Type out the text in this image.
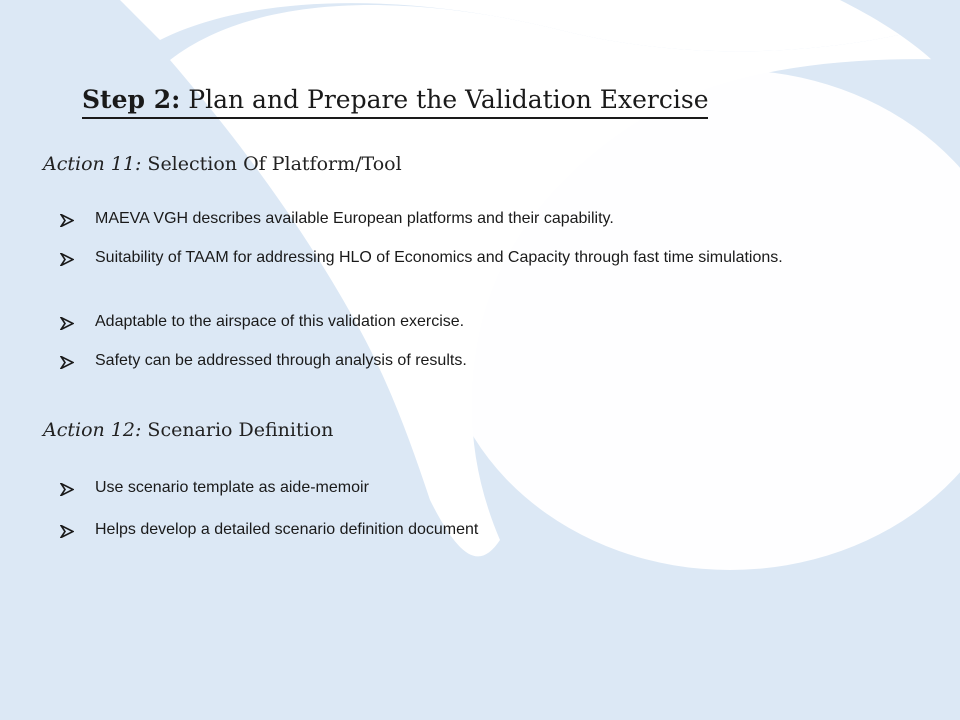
Step 2: Plan and Prepare the Validation Exercise
Action 11: Selection Of Platform/Tool
MAEVA VGH describes available European platforms and their capability.
Suitability of TAAM for addressing HLO of Economics and Capacity through fast time simulations.
Adaptable to the airspace of this validation exercise.
Safety can be addressed through analysis of results.
Action 12: Scenario Definition
Use scenario template as aide-memoir
Helps develop a detailed scenario definition document
